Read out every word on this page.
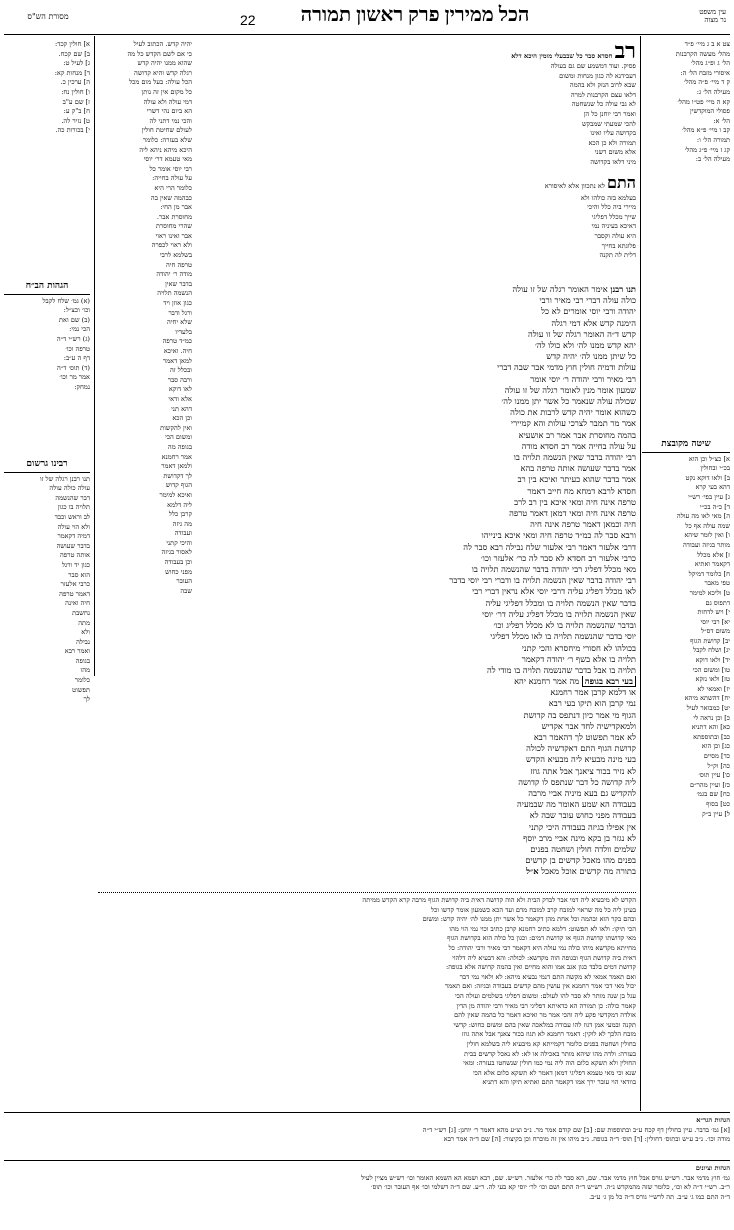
עין משפט
נר מצוה
22	הכל ממירין פרק ראשון תמורה
מסורת הש"ס
צט א ב ג מיי׳ פ״ד
מהל׳ מעשה הקרבנות
הל׳ ג ופ״ג מהל׳
איסורי מזבח הל׳ ה:
ק ד מיי׳ פ״ה מהל׳
מעילה הל׳ ג:
קא ה מיי׳ פט״ו מהל׳
פסולי המוקדשין
הל׳ א:
קב ו מיי׳ פ״א מהל׳
תמורה הל׳ ו:
קג ז מיי׳ פ״ג מהל׳
מעילה הל׳ ב:
שיטה מקובצת
א] כצ״ל וכן הוא
בכ״י ובחולין
ב] ולאו דוקא נקט
דהא בעי קרא
ג] עיין בפי׳ רש״י
ד] כ״ה בכ״י
ה] מאי לאו מה עולה
שמה עולה אף כל
ו] ואין לומר שיהא
מותר בגיזה ועבודה
ז] אלא מכלל
דקאמר ואתיא
ח] כלומר דמיקל
טפי מאבר
ט] וליכא למימר
דתפוס גם
י] ויש לדחות
יא] רבי יוסי
משום דס״ל
יב] קדושת הגוף
יג] ושלח לקבל
יד] ולאו דוקא
טו] ומשום הכי
טז] ולאו נזקא
יז] ואמאי לא
יח] דהשתא מיהא
יט] כמבואר לעיל
כ] וכן נראה לי
כא] והא דתניא
כב] ובתוספתא
כג] וכן הוא
כד] מסיים
כה] וק״ל
כו] עיין תוס׳
כז] ועיין מהר״ם
כח] שם בגמ׳
כט] בסוף
ל] עיין ב״ק
רב חסדא סבר כל שבבעלי מומין היכא דלא
פסיק. ועוד דמשמע שם גם בעולה
דעבידנא לה כגון מנחות ומשום
שבא לרוב הנזק ולא בהמה
דלאו עצם הקרבנות למרה
לא גבי עולה כל שנשחטה
ואמר רבי יוחנן כל הן
להכי שמעתי שמבקש
בקדושה עליו ואינו
תמורה ולא כן הכא
אלא משום דשני
מיני דלאו בקדושה
התם לא נתכוון אלא לאיסורא
בעלמא בזה כולהו ולא
מיירי ביה כלל והיכי
שייך מכלל דפליגי
דאיכא בעיניה נמי
היא עולה וקסבר
פלוגתא בחייך
דלית לה תקנה
תנו רבנן אימר האומר רגלה של זו עולה
כולה עולה דברי רבי מאיר ורבי
יהודה ורבי יוסי אומרים לא כל
הימנה קדש אלא דמי רגלה
קדש ד״ה האומר רגלה של זו עולה
יהא קדש ממנו לה׳ ולא כולו לה׳
כל שיתן ממנו לה׳ יהיה קדש
עולות ודמיה חולין חוץ מדמי אבר שבה דברי
רבי מאיר ורבי יהודה ר׳ יוסי אומר
שמעון אומר מנין לאומר רגלה של זו עולה
שכולה עולה שנאמר כל אשר יתן ממנו לה׳
כשהוא אומר יהיה קדש לרבות את כולה
אמר מר תמבר לצרכי עולות והא קמיירי
בהמה מחוסרת אבר אמר רב אושעיא
על עולה בחייה אמר רב חסדא מודה
רבי יהודה בדבר שאין הנשמה תלויה בו
אמר בדבר שעושה אותה טרפה בהא
אמר בדבר שהוא כעיתר ואיכא בין רב
חסדא לרבא דמחא מח חייב דאמר
טרפה אינה חיה ומאי איכא בין רב לרב
טרפה אינה חיה ומאי דמאן דאמר טרפה
חיה וכמאן דאמר טרפה אינה חיה
ורבא סבר לה כמ״ד טרפה חיה ומאי איכא בינייהו
דרבי אלעזר דאמר רבי אלעזר שלח נבילה רבא סבר לה
כרבי אלעזר רב חסדא לא סבר לה כר׳ אלעזר וכו׳
מאי מכלל דפליג רבי יהודה בדבר שהנשמה תלויה בו
רבי יהודה בדבר שאין הנשמה תלויה בו ודברי רבי יוסי בדבר
לאו מכלל דפליג עליה דרבי יוסי אלא נראין דברי רבי
בדבר שאין הנשמה תלויה בו ומכלל דפליגי עליה
שאין הנשמה תלויה בו מכלל דפליג עליה דר׳ יוסי
ובדבר שהנשמה תלויה בו לא מכלל דפליג וכו׳
יוסי בדבר שהנשמה תלויה בו לאו מכלל דפליגי
בכולהו לא חסורי מיחסרא והכי קתני
תלויה בו אלא בשף ר׳ יהודה דקאמר
תלויה בו אבל בדבר שהנשמה תלויה בו מודי לה
בעי רבא בגופה מה אמר רחמנא יהא
או דלמא קרבן אמר רחמנא
נמי קרבן הוא תיקו בעי רבא
הגוף מי אמר כיון דנתפס בה קדושת
ולמאקדישיה לחד אבר אקדיש
לא אמר תפשוט לך דהאמר רבא
קדושת הגוף התם דאקדשיה לכולה
בעי מינה מבעיא ליה מבעיא הקדש
לא נזיר בכור ציאנך אבל אתה גוזז
ליה קדושה כל דבר שנתפס לו קדושה
להקדיש גם בעא מיניה אביי מרבה
בעבודה הא שמע האומר מה שבמעיה
בעבודה מפני כחוש עובר שבה לא
אין אפילו בגיזה בעבודה היכי קתני
לא נגזר בן בקא מינה אביי מרב יוסף
שלמים וולדה חולין ושחטה בפנים
בפנים מהו מאכל קדשים בן קדשים
בתורה מה קדשים אוכל מאכל א״ל
יהיה קדש. הכתוב לעיל
כי אם לשם הקדש כל מה
שהוא ממנו יהיה קדש
רגלה קדש והיא קדושה
הכל עולה: בעל מום מכל
כל מקום אין זה נותן
דמי עולה ולא עולה
הא ביום נהי דשרי
והכי נמי דתני לה
לעולם שחיטת חולין
שלא בעזרה: כלומר
היכא מיהא ניהא ליה
מאי טעמא דר׳ יוסי
רבי יוסי אומר כל
על עולה בחייה:
כלומר הרי היא
כבהמה שאין בה
אבר מן החי:
מחוסרת אבר.
שהרי מחוסרת
אבר ואינו ראוי
ולא ראוי לכפרה
בשלמא לרבי
טרפה חיה
מודה ר׳ יהודה
בדבר שאין
הנשמה תלויה
כגון אוזן ויד
ורגל ודבר
שלא יחיה
בלעדיו
כמ״ד טרפה
חיה. ואיכא
למאן דאמר
ובכלל זה
ורבה סבר
לאו דוקא
אלא ודאי
דהא תני
וכן הכא
ואין להקשות
ומשום הכי
בגופה מה
אמר רחמנא
ולמאן דאמר
לך דקדושת
הגוף קדוש
ואיכא למימר
ליה דלמא
קרבן כלל
מה גיזה
ועבודה
והיכי קתני
לאסור בגיזה
וכן בעבודה
מפני כחוש
העובר
שבה
א] חולין קכד:
ב] שם קכח.
ג] לעיל ט:
ד] מנחות קא:
ה] ערכין כ.
ו] חולין נח:
ז] שם ע"ב
ח] ב"ק ע:
ט] נזיר לה.
י] בכורות כה.
הגהות הב״ח
(א) גמ׳ שלח לקבל
וכו׳ וכצ״ל:
(ב) שם ואת
הכי נמי:
(ג) רש״י ד״ה
טרפה וכו׳
דף ה ע״ב:
(ד) תוס׳ ד״ה
אמר מר וכו׳
נמחק:
רבינו גרשום
תנו רבנן רגלה של זו
עולה כולה עולה
דבר שהנשמה
תלויה בו כגון
לב וראש וכבד
ולא הוי עולה
דמיה דקאמר
בדבר שעושה
אותה טרפה
כגון יד ורגל
הוא סבר
כרבי אלעזר
דאמר טרפה
חיה ואינה
נחשבת
מתה
ולא
נבילה
ואמר רבא
בגופה
מהו
כלומר
תפשוט
לך
הקדש לא מיבעיא ליה דמי אבר לבדק הבית ולא הוה קדושה דאית ביה קדושת הגוף מרבה קרא הקדש ממיתה
בעינן ליה כל מה שראוי למזבח קרב למזבח מדם ועד הכא כשמעון אומר קדשו וכל
ובהם בקר הוא ובהמה וכל אחת מהן דקאמר כל אשר יתן ממנו לה׳ יהיה קדש: ומשום
הכי תיקו: ולאו לא תפשוט: דלמא כתיב רחמנא קרבן כתיב וכוי נמי הוי מהו
מאי קדושתו קדושת הגוף או קדושת דמים: וכגון כל כולה הוא בקדושת הגוף
מחייתא מקדשא מיהו כולה נמי עולה היא דקאמר רבי מאיר ורבי יהודה: כל
דאית ביה קדושת הגוף ובגופה הוה מקדשא: לכולה: והא דבעיא ליה דלהוי
קדושת דמים בלבד כגון אגב אמו והוא מחיים ואין בהמה קדושה אלא בגופה:
ואם תאמר אמאי לא מקשה התם דנמי נבעיא מיהא: לא ולאוי נמי דבר
יכול מאי דכי אמר רחמנא אין עושין מהם קדשים בעבודה ובגיזה: ואם תאמר
עגל בן שנה מותר לא סבר להו לעולם: ומשום דפליגי בשלמים ועולה הכי
קאמר כולה: כן תמורה הא כדאיתא דפליגי רבי מאיר ורבי יהודה מן הדין
אולדה דמקדשי פקע ליה והכי אמר מר ואיכא דאמר כל בהמה שאין להם
תקנה ובמעי אמן דגוז להו עבודה במלאכה שאין בהם ומשום כחוש: קדשי
מזבח הלכך לא לוקין: דאמר רחמנא לא תגוז בכור צאנך אבל אתה גוזז
בחולין ושחטה בפנים כלומר דקמייתא קא מיבעיא ליה בשלמא חולין
בעזרה: ולדה מהו שיהא מותר באכילה או לא: לא נאכל קדשים בבית
החולין ולא תשקא כלום הוה ליה נמי כמו חולין שנשחטו בעזרה: ומאי
שנא וכי מאי טעמא דפליגי דמאן דאמר לא תשקא כלום אלא הכי
בוודאי הוי עובר ירך אמו דקאמר התם ואתיא תיקו והא דתניא
הגהות הגר״א
[א] גמ׳ בדבר. עיין בחולין דף קכח ע״ב ובתוספות שם: [ב] שם קודם אמר מר. נ״ב וצ״ע מהא דאמר ר׳ יוחנן: [ג] רש״י ד״ה
מודה וכו׳. נ״ב ע״ש ובתוס׳ דחולין: [ד] תוס׳ ד״ה בגופה. נ״ב מיהו אין זה מוכרח וכן בקיצור: [ה] שם ד״ה אמר רבא
הגהות וציונים
גמ׳ חוץ מדמי אבר. רש״ש גורס אבל חוץ מדמי אבר. שם, הא סבר לה כר׳ אלעזר. רש״ש. שם, רבא ושמא הא השמא האומר וכו׳ רש״ש מציין לעיל
ר״ב. רש״י ד״ה לא וכו׳, כלומר שזה מהמקדש נ״ה. רש״ש ד״ה התם ושם וכו׳ לר׳ יוסי קא בעי לה. ר״ע. שם ד״ה דשלמי וכו׳ אף העובר וכו׳ תוס׳
ד״ה התם כמו ג׳ ע״ב. תה לרש״י גורס ד״ה כל מן ג׳ ע״ב.
